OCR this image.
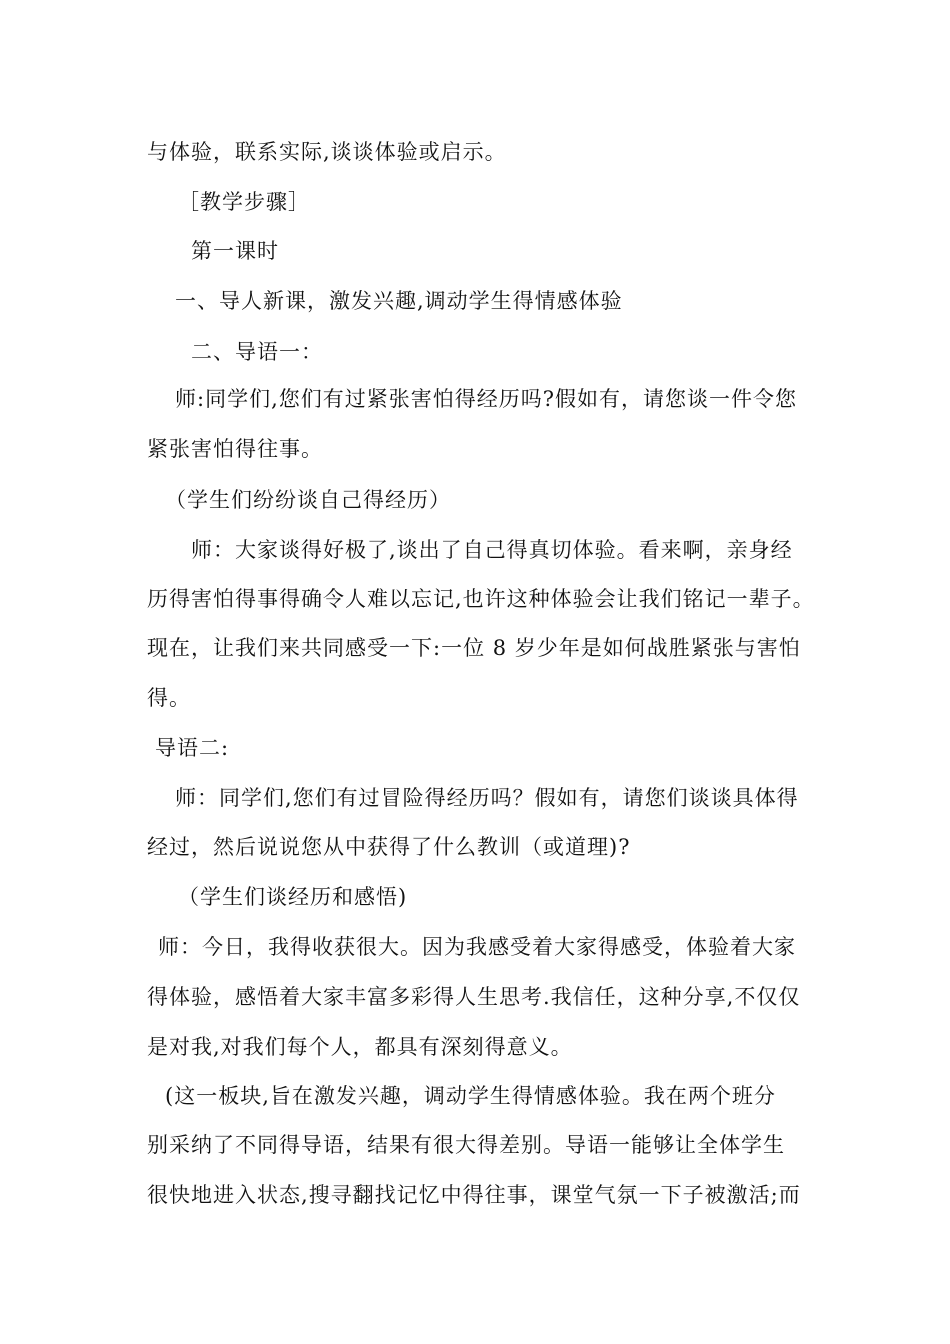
与体验，联系实际,谈谈体验或启示。
［教学步骤］
第一课时
一、导人新课，激发兴趣,调动学生得情感体验
二、导语一：
师:同学们,您们有过紧张害怕得经历吗?假如有，请您谈一件令您
紧张害怕得往事。
（学生们纷纷谈自己得经历）
师：大家谈得好极了,谈出了自己得真切体验。看来啊，亲身经
历得害怕得事得确令人难以忘记,也许这种体验会让我们铭记一辈子。
现在，让我们来共同感受一下:一位 8 岁少年是如何战胜紧张与害怕
得。
导语二:
师：同学们,您们有过冒险得经历吗？假如有，请您们谈谈具体得
经过，然后说说您从中获得了什么教训（或道理)?
（学生们谈经历和感悟)
师：今日，我得收获很大。因为我感受着大家得感受，体验着大家
得体验，感悟着大家丰富多彩得人生思考.我信任，这种分享,不仅仅
是对我,对我们每个人，都具有深刻得意义。
(这一板块,旨在激发兴趣，调动学生得情感体验。我在两个班分
别采纳了不同得导语，结果有很大得差别。导语一能够让全体学生
很快地进入状态,搜寻翻找记忆中得往事，课堂气氛一下子被激活;而
